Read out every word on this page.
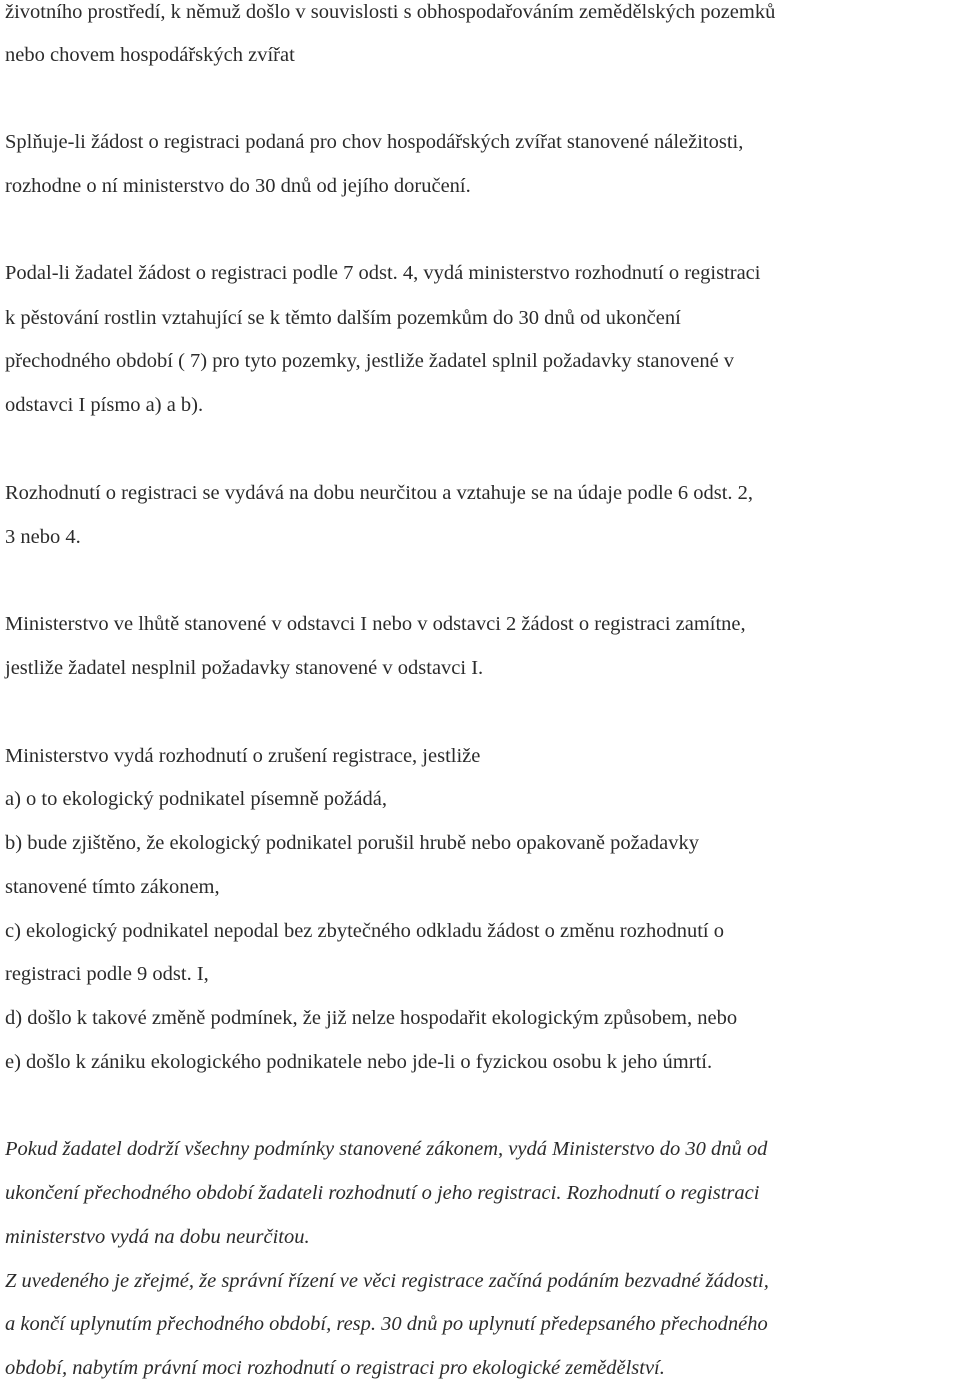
životního prostředí, k němuž došlo v souvislosti s obhospodařováním zemědělských pozemků
nebo chovem hospodářských zvířat
Splňuje-li žádost o registraci podaná pro chov hospodářských zvířat stanovené náležitosti,
rozhodne o ní ministerstvo do 30 dnů od jejího doručení.
Podal-li žadatel žádost o registraci podle 7 odst. 4, vydá ministerstvo rozhodnutí o registraci
k pěstování rostlin vztahující se k těmto dalším pozemkům do 30 dnů od ukončení
přechodného období ( 7) pro tyto pozemky, jestliže žadatel splnil požadavky stanovené v
odstavci I písmo a) a b).
Rozhodnutí o registraci se vydává na dobu neurčitou a vztahuje se na údaje podle 6 odst. 2,
3 nebo 4.
Ministerstvo ve lhůtě stanovené v odstavci I nebo v odstavci 2 žádost o registraci zamítne,
jestliže žadatel nesplnil požadavky stanovené v odstavci I.
Ministerstvo vydá rozhodnutí o zrušení registrace, jestliže
a) o to ekologický podnikatel písemně požádá,
b) bude zjištěno, že ekologický podnikatel porušil hrubě nebo opakovaně požadavky
stanovené tímto zákonem,
c) ekologický podnikatel nepodal bez zbytečného odkladu žádost o změnu rozhodnutí o
registraci podle 9 odst. I,
d) došlo k takové změně podmínek, že již nelze hospodařit ekologickým způsobem, nebo
e) došlo k zániku ekologického podnikatele nebo jde-li o fyzickou osobu k jeho úmrtí.
Pokud žadatel dodrží všechny podmínky stanovené zákonem, vydá Ministerstvo do 30 dnů od
ukončení přechodného období žadateli rozhodnutí o jeho registraci. Rozhodnutí o registraci
ministerstvo vydá na dobu neurčitou.
Z uvedeného je zřejmé, že správní řízení ve věci registrace začíná podáním bezvadné žádosti,
a končí uplynutím přechodného období, resp. 30 dnů po uplynutí předepsaného přechodného
období, nabytím právní moci rozhodnutí o registraci pro ekologické zemědělství.
